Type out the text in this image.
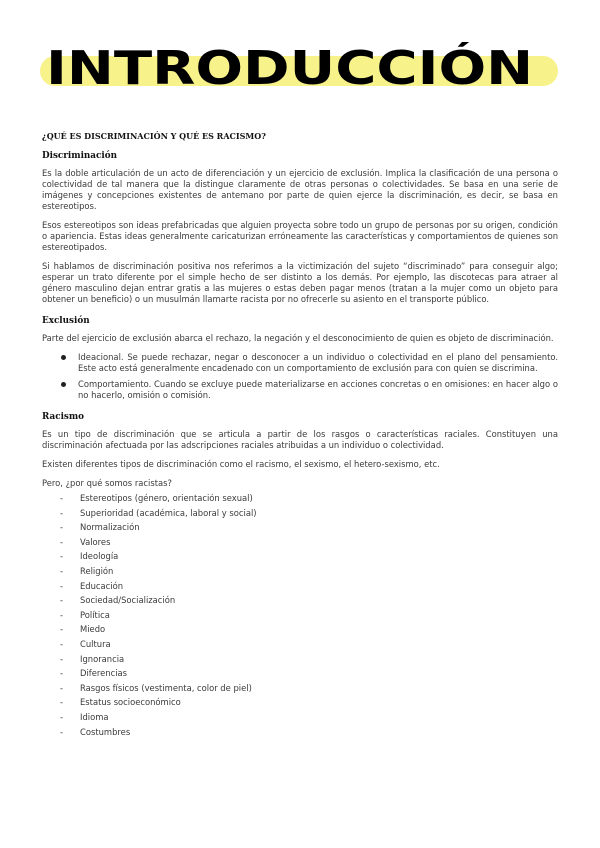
INTRODUCCIÓN
¿QUÉ ES DISCRIMINACIÓN Y QUÉ ES RACISMO?
Discriminación

Es la doble articulación de un acto de diferenciación y un ejercicio de exclusión. Implica la clasificación de una persona o colectividad de tal manera que la distingue claramente de otras personas o colectividades. Se basa en una serie de imágenes y concepciones existentes de antemano por parte de quien ejerce la discriminación, es decir, se basa en estereotipos.

Esos estereotipos son ideas prefabricadas que alguien proyecta sobre todo un grupo de personas por su origen, condición o apariencia. Estas ideas generalmente caricaturizan erróneamente las características y comportamientos de quienes son estereotipados.

Si hablamos de discriminación positiva nos referimos a la victimización del sujeto “discriminado” para conseguir algo; esperar un trato diferente por el simple hecho de ser distinto a los demás. Por ejemplo, las discotecas para atraer al género masculino dejan entrar gratis a las mujeres o estas deben pagar menos (tratan a la mujer como un objeto para obtener un beneficio) o un musulmán llamarte racista por no ofrecerle su asiento en el transporte público.

Exclusión

Parte del ejercicio de exclusión abarca el rechazo, la negación y el desconocimiento de quien es objeto de discriminación.

Ideacional. Se puede rechazar, negar o desconocer a un individuo o colectividad en el plano del pensamiento. Este acto está generalmente encadenado con un comportamiento de exclusión para con quien se discrimina.
Comportamiento. Cuando se excluye puede materializarse en acciones concretas o en omisiones: en hacer algo o no hacerlo, omisión o comisión.
Racismo

Es un tipo de discriminación que se articula a partir de los rasgos o características raciales. Constituyen una discriminación afectuada por las adscripciones raciales atribuidas a un individuo o colectividad.

Existen diferentes tipos de discriminación como el racismo, el sexismo, el hetero-sexismo, etc.

Pero, ¿por qué somos racistas?

- Estereotipos (género, orientación sexual)
- Superioridad (académica, laboral y social)
- Normalización
- Valores
- Ideología
- Religión
- Educación
- Sociedad/Socialización
- Política
- Miedo
- Cultura
- Ignorancia
- Diferencias
- Rasgos físicos (vestimenta, color de piel)
- Estatus socioeconómico
- Idioma
- Costumbres
